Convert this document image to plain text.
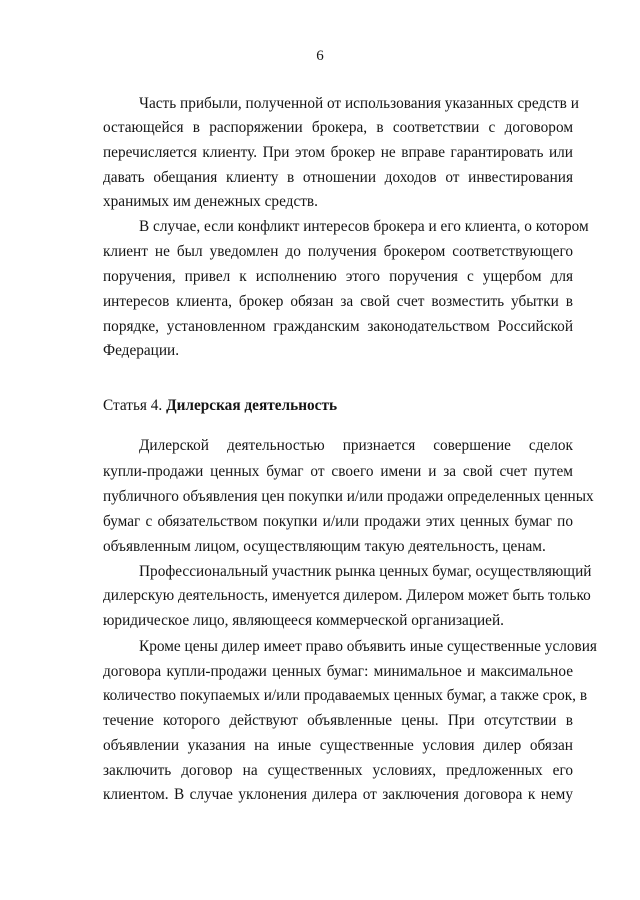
6
Часть прибыли, полученной от использования указанных средств и
остающейся в распоряжении брокера, в соответствии с договором
перечисляется клиенту. При этом брокер не вправе гарантировать или
давать обещания клиенту в отношении доходов от инвестирования
хранимых им денежных средств.
В случае, если конфликт интересов брокера и его клиента, о котором
клиент не был уведомлен до получения брокером соответствующего
поручения, привел к исполнению этого поручения с ущербом для
интересов клиента, брокер обязан за свой счет возместить убытки в
порядке, установленном гражданским законодательством Российской
Федерации.
Статья 4. Дилерская деятельность
Дилерской деятельностью признается совершение сделок
купли-продажи ценных бумаг от своего имени и за свой счет путем
публичного объявления цен покупки и/или продажи определенных ценных
бумаг с обязательством покупки и/или продажи этих ценных бумаг по
объявленным лицом, осуществляющим такую деятельность, ценам.
Профессиональный участник рынка ценных бумаг, осуществляющий
дилерскую деятельность, именуется дилером. Дилером может быть только
юридическое лицо, являющееся коммерческой организацией.
Кроме цены дилер имеет право объявить иные существенные условия
договора купли-продажи ценных бумаг: минимальное и максимальное
количество покупаемых и/или продаваемых ценных бумаг, а также срок, в
течение которого действуют объявленные цены. При отсутствии в
объявлении указания на иные существенные условия дилер обязан
заключить договор на существенных условиях, предложенных его
клиентом. В случае уклонения дилера от заключения договора к нему
